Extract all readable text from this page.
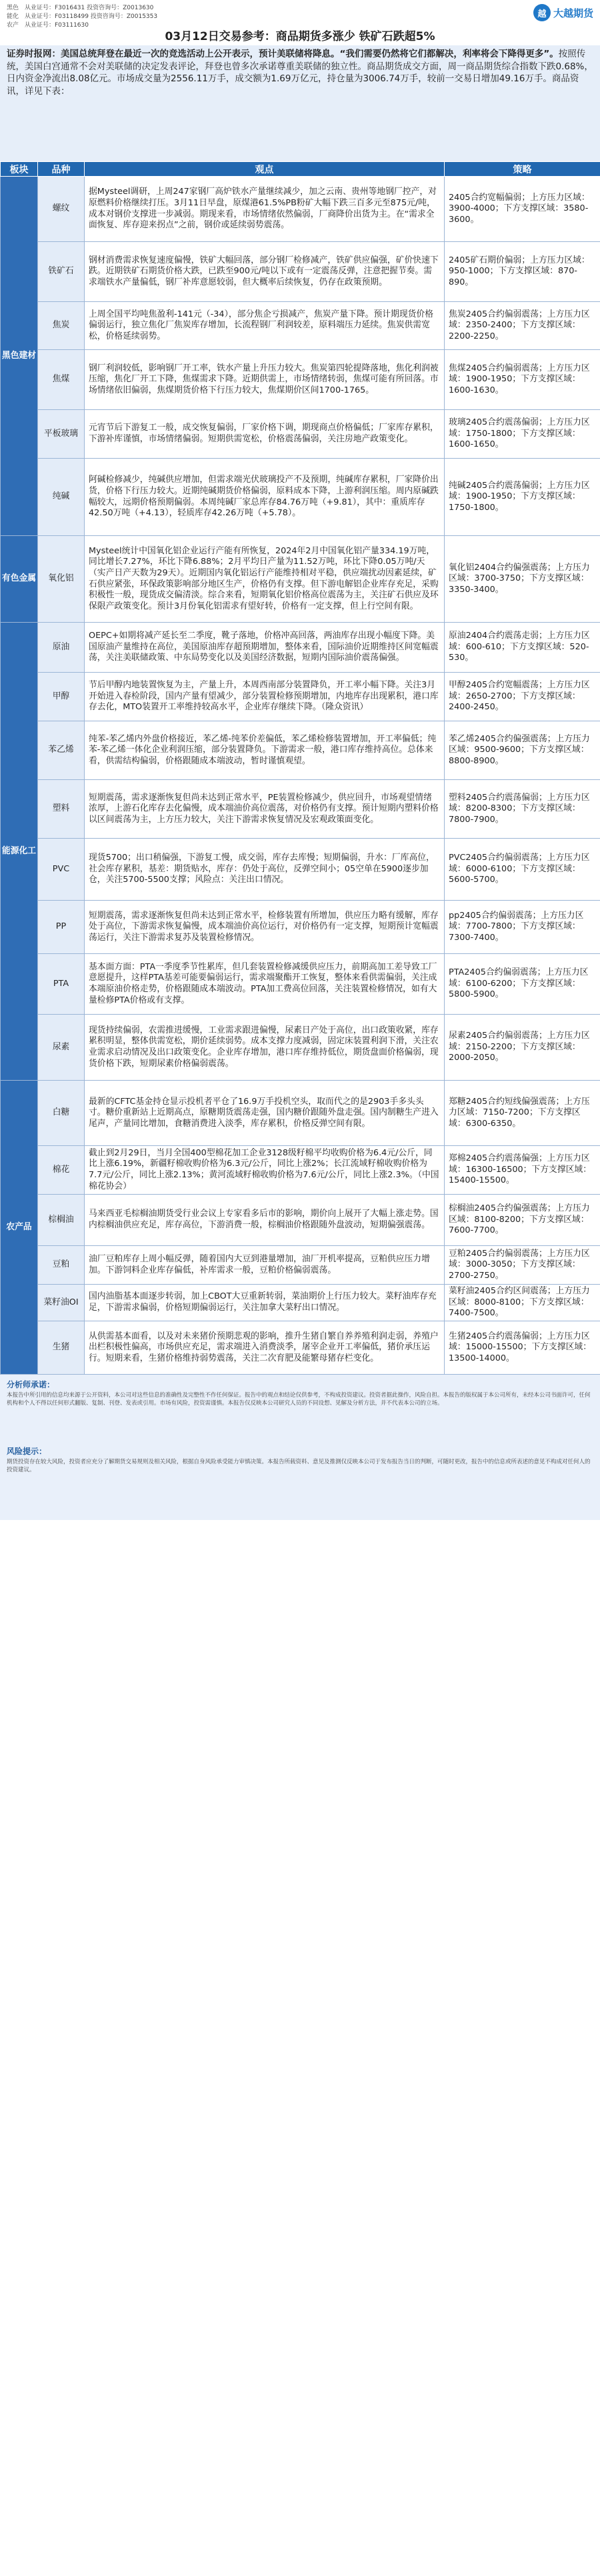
黑色　从业证号：F3016431 投资咨询号：Z0013630
能化　从业证号：F03118499 投资咨询号：Z0015353
农产　从业证号：F03111630
越 大越期货
03月12日交易参考：商品期货多涨少 铁矿石跌超5%
证券时报网：美国总统拜登在最近一次的竞选活动上公开表示，预计美联储将降息。“我们需要仍然将它们都解决，利率将会下降得更多”。按照传统，美国白宫通常不会对美联储的决定发表评论，拜登也曾多次承诺尊重美联储的独立性。商品期货成交方面，周一商品期货综合指数下跌0.68%，日内资金净流出8.08亿元。市场成交量为2556.11万手，成交额为1.69万亿元，持仓量为3006.74万手，较前一交易日增加49.16万手。商品资讯，详见下表：
板块	品种	观点	策略
黑色建材	螺纹	据Mysteel调研，上周247家钢厂高炉铁水产量继续减少，加之云南、贵州等地钢厂控产，对原燃料价格继续打压。3月11日早盘，原煤港61.5%PB粉矿大幅下跌三百多元至875元/吨，成本对钢价支撑进一步减弱。期现来看，市场情绪依然偏弱，厂商降价出货为主。在“需求全面恢复、库存迎来拐点”之前，钢价或延续弱势震荡。	2405合约宽幅偏弱；上方压力区域：3900-4000；下方支撑区域：3580-3600。

	铁矿石	钢材消费需求恢复速度偏慢，铁矿大幅回落，部分钢厂检修减产，铁矿供应偏强，矿价快速下跌。近期铁矿石期货价格大跌，已跌至900元/吨以下或有一定震荡反弹，注意把握节奏。需求端铁水产量偏低，钢厂补库意愿较弱，但大概率后续恢复，仍存在政策预期。	2405矿石期价偏弱；上方压力区域：950-1000；下方支撑区域：870-890。

	焦炭	上周全国平均吨焦盈利-141元（-34），部分焦企亏损减产，焦炭产量下降。预计期现货价格偏弱运行，独立焦化厂焦炭库存增加，长流程钢厂利润较差，原料端压力延续。焦炭供需宽松，价格延续弱势。	焦炭2405合约偏弱震荡；上方压力区域：2350-2400；下方支撑区域：2200-2250。

	焦煤	钢厂利润较低，影响钢厂开工率，铁水产量上升压力较大。焦炭第四轮提降落地，焦化利润被压缩，焦化厂开工下降，焦煤需求下降。近期供需上，市场情绪转弱，焦煤可能有所回落。市场情绪依旧偏弱，焦煤期货价格下行压力较大，焦煤期价区间1700-1765。	焦煤2405合约偏弱震荡；上方压力区域：1900-1950；下方支撑区域：1600-1630。

	平板玻璃	元宵节后下游复工一般，成交恢复偏弱，厂家价格下调，期现商点价格偏低；厂家库存累积，下游补库谨慎，市场情绪偏弱。短期供需宽松，价格震荡偏弱，关注房地产政策变化。	玻璃2405合约震荡偏弱；上方压力区域：1750-1800；下方支撑区域：1600-1650。

	纯碱	阿碱检修减少，纯碱供应增加，但需求端光伏玻璃投产不及预期，纯碱库存累积，厂家降价出货，价格下行压力较大。近期纯碱期货价格偏弱，原料成本下降，上游利润压缩。周内原碱跌幅较大，远期价格预期偏弱。本周纯碱厂家总库存84.76万吨（+9.81），其中：重质库存42.50万吨（+4.13），轻质库存42.26万吨（+5.78）。	纯碱2405合约震荡偏弱；上方压力区域：1900-1950；下方支撑区域：1750-1800。

有色金属	氧化铝	Mysteel统计中国氧化铝企业运行产能有所恢复，2024年2月中国氧化铝产量334.19万吨，同比增长7.27%，环比下降6.88%；2月平均日产量为11.52万吨，环比下降0.05万吨/天（实产日产天数为29天）。近期国内氧化铝运行产能维持相对平稳，供应端扰动因素延续，矿石供应紧张，环保政策影响部分地区生产，价格仍有支撑。但下游电解铝企业库存充足，采购积极性一般，现货成交偏清淡。综合来看，短期氧化铝价格高位震荡为主，关注矿石供应及环保限产政策变化。预计3月份氧化铝需求有望好转，价格有一定支撑，但上行空间有限。	氧化铝2404合约偏强震荡；上方压力区域：3700-3750；下方支撑区域：3350-3400。

能源化工	原油	OEPC+如期将减产延长至二季度，靴子落地，价格冲高回落，两油库存出现小幅度下降。美国原油产量维持在高位，美国原油库存超预期增加，整体来看，国际油价近期维持区间宽幅震荡，关注美联储政策、中东局势变化以及美国经济数据，短期内国际油价震荡偏强。	原油2404合约震荡走弱；上方压力区域：600-610；下方支撑区域：520-530。

	甲醇	节后甲醇内地装置恢复为主，产量上升，本周西南部分装置降负，开工率小幅下降。关注3月开始进入春检阶段，国内产量有望减少，部分装置检修预期增加，内地库存出现累积，港口库存去化，MTO装置开工率维持较高水平，企业库存继续下降。（隆众资讯）	甲醇2405合约宽幅震荡；上方压力区域：2650-2700；下方支撑区域：2400-2450。

	苯乙烯	纯苯-苯乙烯内外盘价格接近，苯乙烯-纯苯价差偏低，苯乙烯检修装置增加，开工率偏低；纯苯-苯乙烯一体化企业利润压缩，部分装置降负。下游需求一般，港口库存维持高位。总体来看，供需结构偏弱，价格跟随成本端波动，暂时谨慎观望。	苯乙烯2405合约偏强震荡；上方压力区域：9500-9600；下方支撑区域：8800-8900。

	塑料	短期震荡，需求逐渐恢复但尚未达到正常水平，PE装置检修减少，供应回升，市场观望情绪浓厚，上游石化库存去化偏慢，成本端油价高位震荡，对价格仍有支撑。预计短期内塑料价格以区间震荡为主，上方压力较大，关注下游需求恢复情况及宏观政策面变化。	塑料2405合约震荡偏弱；上方压力区域：8200-8300；下方支撑区域：7800-7900。

	PVC	现货5700；出口稍偏强，下游复工慢，成交弱，库存去库慢；短期偏弱，升水：厂库高位，社会库存累积，基差：期货贴水，库存：仍处于高位，反弹空间小；05空单在5900逐步加仓，关注5700-5500支撑；风险点：关注出口情况。	PVC2405合约偏弱震荡；上方压力区域：6000-6100；下方支撑区域：5600-5700。

	PP	短期震荡，需求逐渐恢复但尚未达到正常水平，检修装置有所增加，供应压力略有缓解，库存处于高位，下游需求恢复偏慢，成本端油价高位运行，对价格仍有一定支撑，短期预计宽幅震荡运行，关注下游需求复苏及装置检修情况。	pp2405合约偏弱震荡；上方压力区域：7700-7800；下方支撑区域：7300-7400。

	PTA	基本面方面：PTA一季度季节性累库，但几套装置检修减缓供应压力，前期高加工差导致工厂意愿提升，这样PTA基差可能要偏弱运行，需求端聚酯开工恢复，整体来看供需偏弱，关注成本端原油价格走势，价格跟随成本端波动。PTA加工费高位回落，关注装置检修情况，如有大量检修PTA价格或有支撑。	PTA2405合约偏弱震荡；上方压力区域：6100-6200；下方支撑区域：5800-5900。

	尿素	现货持续偏弱，农需推进缓慢，工业需求跟进偏慢，尿素日产处于高位，出口政策收紧，库存累积明显，整体供需宽松，期价延续弱势。成本支撑力度减弱，固定床装置利润下滑，关注农业需求启动情况及出口政策变化。企业库存增加，港口库存维持低位，期货盘面价格偏弱，现货价格下跌，短期尿素价格偏弱震荡。	尿素2405合约偏弱震荡；上方压力区域：2150-2200；下方支撑区域：2000-2050。

农产品	白糖	最新的CFTC基金持仓显示投机者平仓了16.9万手投机空头，取而代之的是2903手多头头寸。糖价重新站上近期高点，原糖期货震荡走强，国内糖价跟随外盘走强。国内制糖生产进入尾声，产量同比增加，食糖消费进入淡季，库存累积，价格反弹空间有限。	郑糖2405合约短线偏强震荡；上方压力区域：7150-7200；下方支撑区域：6300-6350。

	棉花	截止到2月29日，当月全国400型棉花加工企业3128级籽棉平均收购价格为6.4元/公斤，同比上涨6.19%，新疆籽棉收购价格为6.3元/公斤，同比上涨2%；长江流域籽棉收购价格为7.7元/公斤，同比上涨2.13%；黄河流域籽棉收购价格为7.6元/公斤，同比上涨2.3%。（中国棉花协会）	郑棉2405合约震荡偏强；上方压力区域：16300-16500；下方支撑区域：15400-15500。

	棕榈油	马来西亚毛棕榈油期货受行业会议上专家看多后市的影响，期价向上展开了大幅上涨走势。国内棕榈油供应充足，库存高位，下游消费一般，棕榈油价格跟随外盘波动，短期偏强震荡。	棕榈油2405合约偏强震荡；上方压力区域：8100-8200；下方支撑区域：7600-7700。

	豆粕	油厂豆粕库存上周小幅反弹，随着国内大豆到港量增加，油厂开机率提高，豆粕供应压力增加。下游饲料企业库存偏低，补库需求一般，豆粕价格偏弱震荡。	豆粕2405合约偏弱震荡；上方压力区域：3000-3050；下方支撑区域：2700-2750。

	菜籽油OI	国内油脂基本面逐步转弱，加上CBOT大豆重新转弱，菜油期价上行压力较大。菜籽油库存充足，下游需求偏弱，价格短期偏弱运行，关注加拿大菜籽出口情况。	菜籽油2405合约区间震荡；上方压力区域：8000-8100；下方支撑区域：7400-7500。

	生猪	从供需基本面看，以及对未来猪价预期悲观的影响，推升生猪自繁自养养殖利润走弱，养殖户出栏积极性偏高，市场供应充足，需求端进入消费淡季，屠宰企业开工率偏低，猪价承压运行。短期来看，生猪价格维持弱势震荡，关注二次育肥及能繁母猪存栏变化。	生猪2405合约震荡偏弱；上方压力区域：15000-15500；下方支撑区域：13500-14000。
分析师承诺：
本报告中所引用的信息均来源于公开资料，本公司对这些信息的准确性及完整性不作任何保证。报告中的观点和结论仅供参考，不构成投资建议。投资者据此操作，风险自担。本报告的版权属于本公司所有，未经本公司书面许可，任何机构和个人不得以任何形式翻版、复制、刊登、发表或引用。市场有风险，投资需谨慎。本报告仅反映本公司研究人员的不同设想、见解及分析方法，并不代表本公司的立场。
风险提示：
期货投资存在较大风险，投资者应充分了解期货交易规则及相关风险，根据自身风险承受能力审慎决策。本报告所载资料、意见及推测仅反映本公司于发布报告当日的判断，可随时更改，报告中的信息或所表述的意见不构成对任何人的投资建议。
